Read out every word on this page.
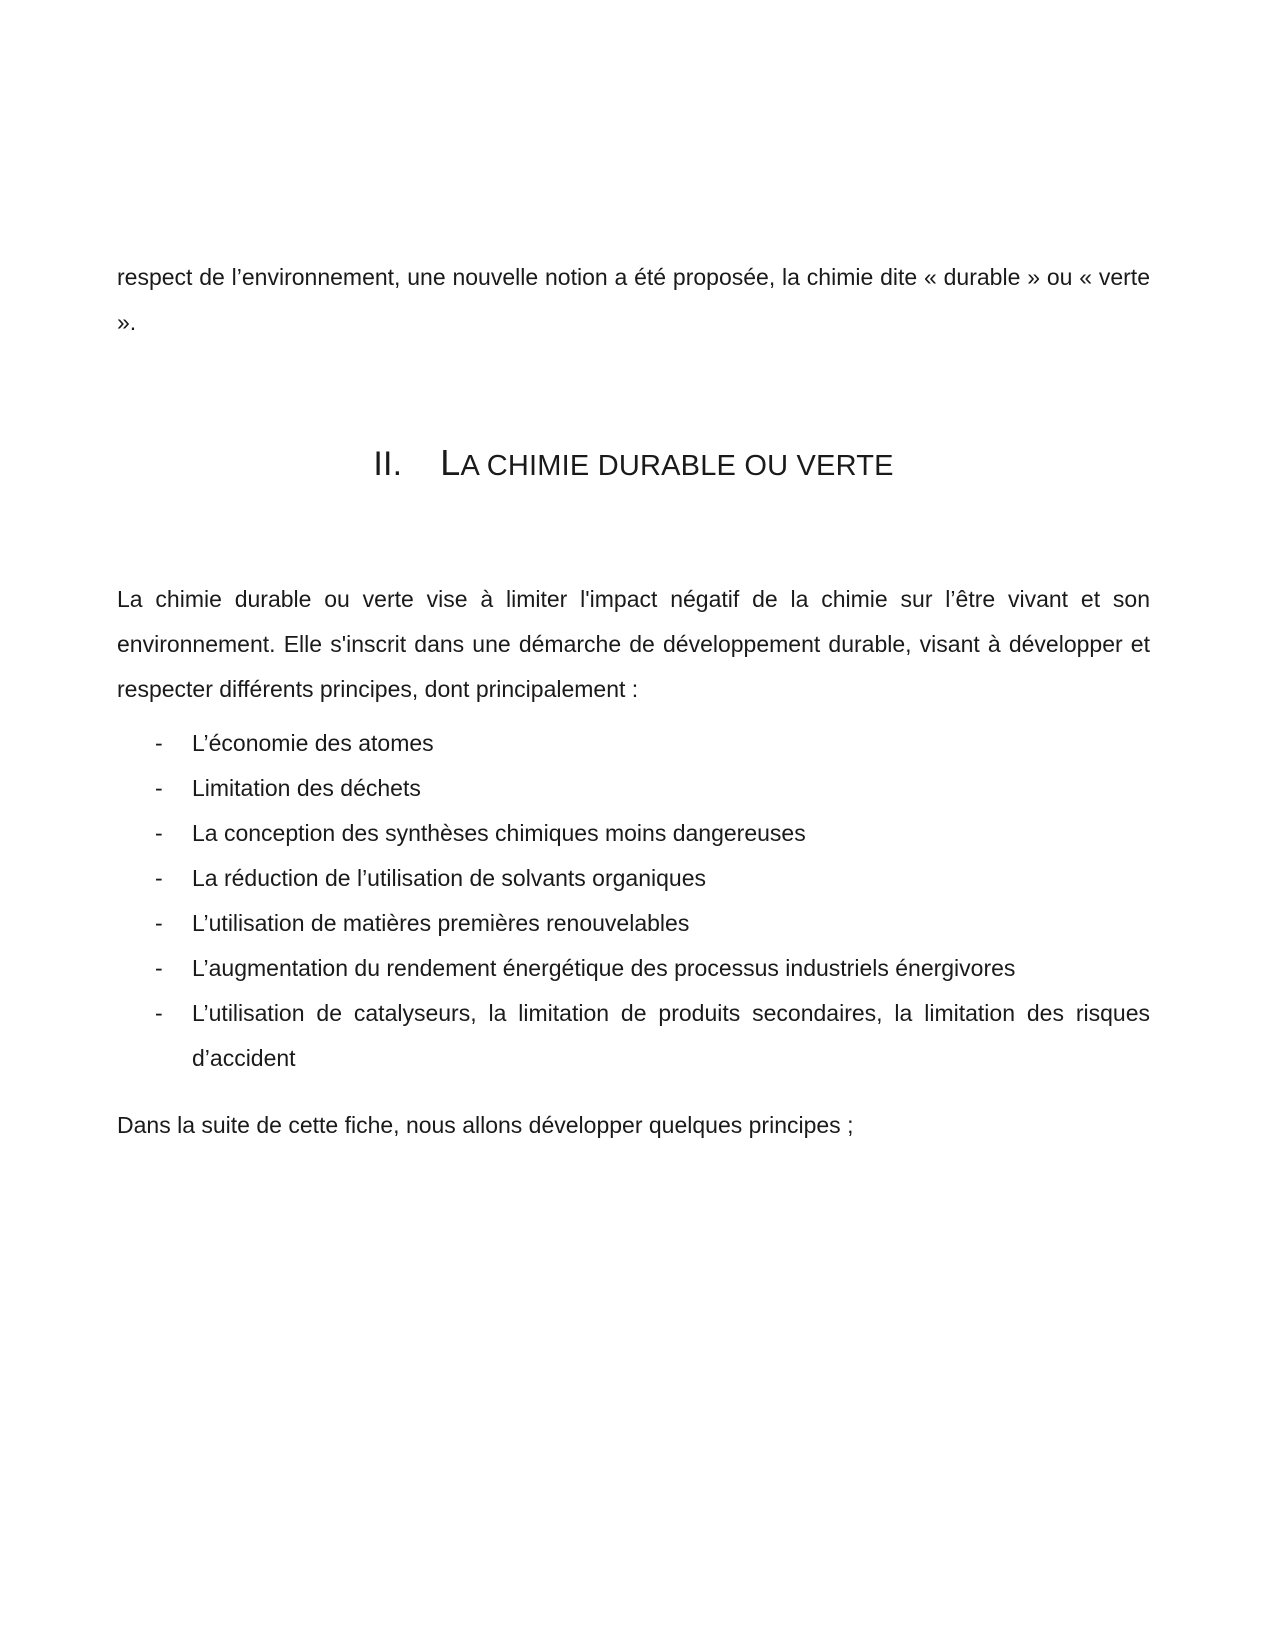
respect de l’environnement, une nouvelle notion a été proposée, la chimie dite « durable » ou « verte ».

II. LA CHIMIE DURABLE OU VERTE

La chimie durable ou verte vise à limiter l'impact négatif de la chimie sur l’être vivant et son environnement. Elle s'inscrit dans une démarche de développement durable, visant à développer et respecter différents principes, dont principalement :

- L’économie des atomes
- Limitation des déchets
- La conception des synthèses chimiques moins dangereuses
- La réduction de l’utilisation de solvants organiques
- L’utilisation de matières premières renouvelables
- L’augmentation du rendement énergétique des processus industriels énergivores
- L’utilisation de catalyseurs, la limitation de produits secondaires, la limitation des risques d’accident

Dans la suite de cette fiche, nous allons développer quelques principes ;
